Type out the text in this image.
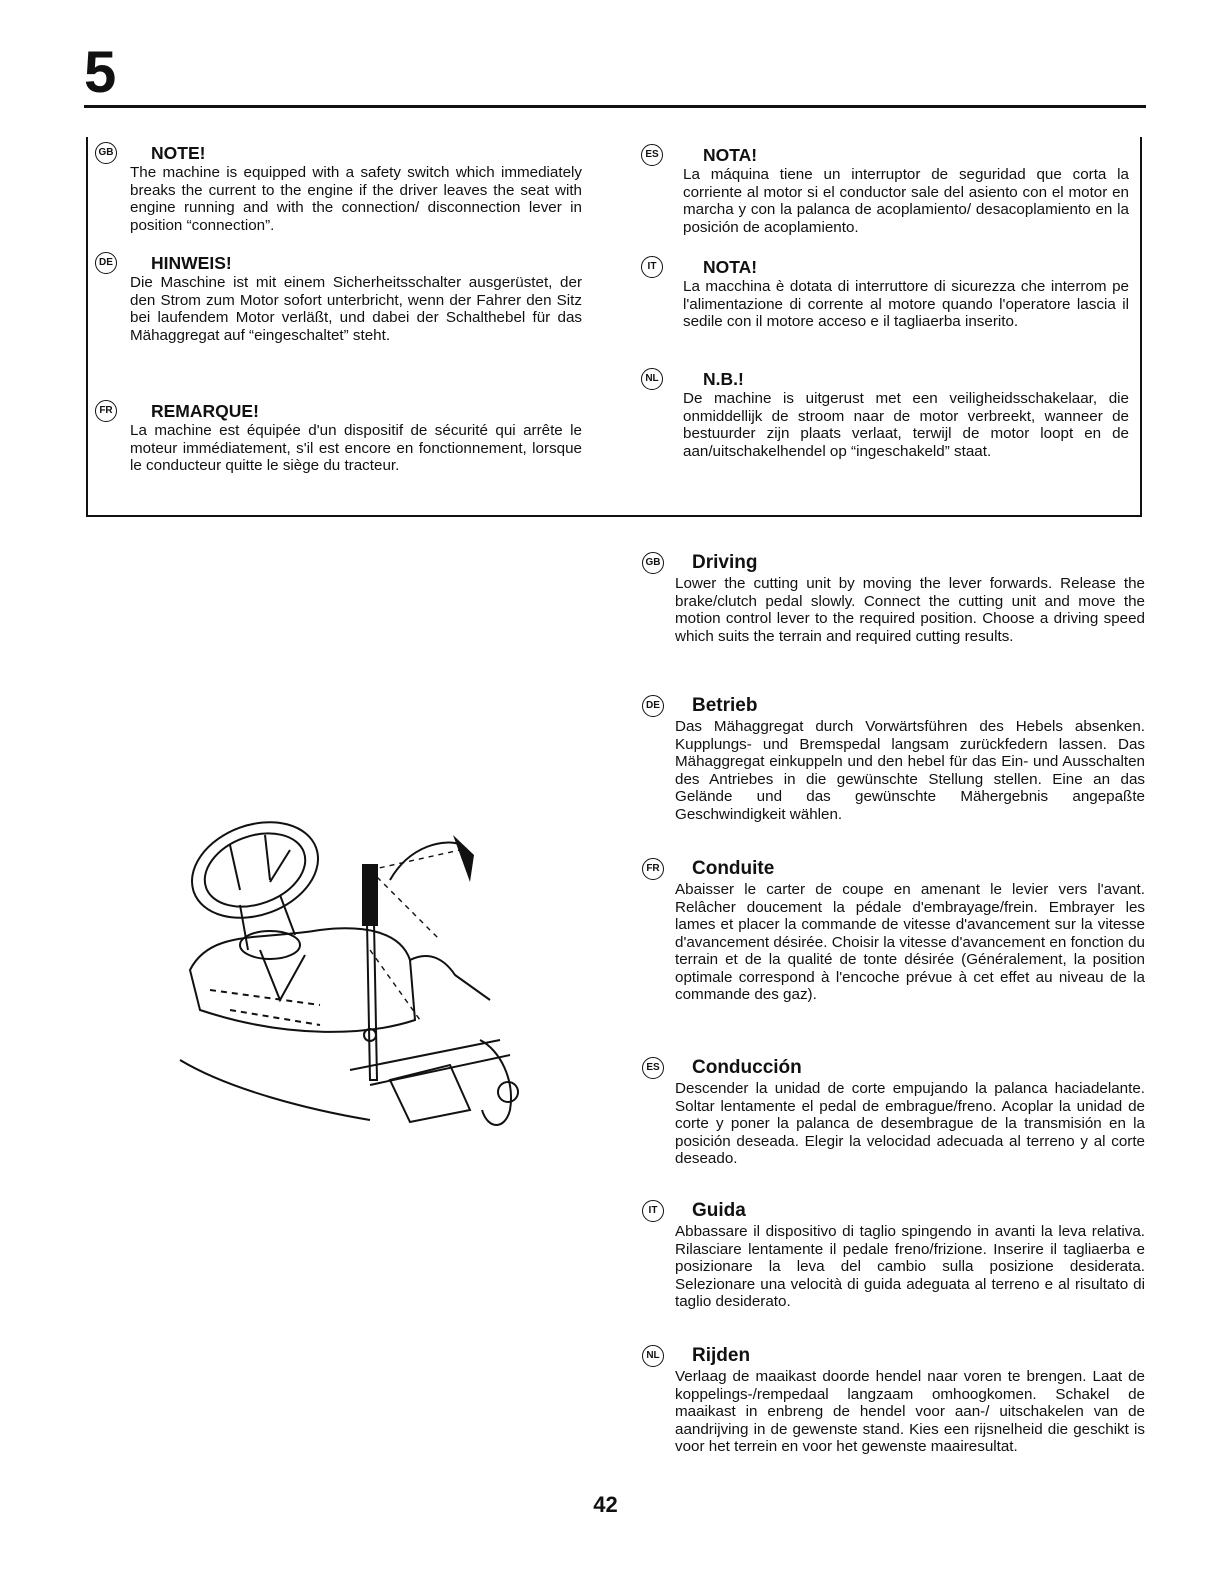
5
GB NOTE!

The machine is equipped with a safety switch which immediately breaks the current to the engine if the driver leaves the seat with engine running and with the connection/ disconnection lever in position “connection”.

DE HINWEIS!

Die Maschine ist mit einem Sicherheitsschalter ausgerüstet, der den Strom zum Motor sofort unterbricht, wenn der Fahrer den Sitz bei laufendem Motor verläßt, und dabei der Schalthebel für das Mähaggregat auf “eingeschaltet” steht.

FR REMARQUE!

La machine est équipée d'un dispositif de sécurité qui arrête le moteur immédiatement, s'il est encore en fonctionnement, lorsque le conducteur quitte le siège du tracteur.

ES	NOTA!

La máquina tiene un interruptor de seguridad que corta la corriente al motor si el conductor sale del asiento con el motor en marcha y con la palanca de acoplamiento/ desacoplamiento en la posición de acoplamiento.

IT	NOTA!

La macchina è dotata di interruttore di sicurezza che interrom pe l'alimentazione di corrente al motore quando l'operatore lascia il sedile con il motore acceso e il tagliaerba inserito.

NL	N.B.!

De machine is uitgerust met een veiligheidsschakelaar, die onmiddellijk de stroom naar de motor verbreekt, wanneer de bestuurder zijn plaats verlaat, terwijl de motor loopt en de aan/uitschakelhendel op “ingeschakeld” staat.

GB Driving

Lower the cutting unit by moving the lever forwards. Release the brake/clutch pedal slowly. Connect the cutting unit and move the motion control lever to the required position. Choose a driving speed which suits the terrain and required cutting results.

DE Betrieb

Das Mähaggregat durch Vorwärtsführen des Hebels absenken. Kupplungs- und Bremspedal langsam zurückfedern lassen. Das Mähaggregat einkuppeln und den hebel für das Ein- und Ausschalten des Antriebes in die gewünschte Stellung stellen. Eine an das Gelände und das gewünschte Mähergebnis angepaßte Geschwindigkeit wählen.

FR Conduite

Abaisser le carter de coupe en amenant le levier vers l'avant. Relâcher doucement la pédale d'embrayage/frein. Embrayer les lames et placer la commande de vitesse d'avancement sur la vitesse d'avancement désirée. Choisir la vitesse d'avancement en fonction du terrain et de la qualité de tonte désirée (Généralement, la position optimale correspond à l'encoche prévue à cet effet au niveau de la commande des gaz).

ES Conducción

Descender la unidad de corte empujando la palanca haciadelante. Soltar lentamente el pedal de embrague/freno. Acoplar la unidad de corte y poner la palanca de desembrague de la transmisión en la posición deseada. Elegir la velocidad adecuada al terreno y al corte deseado.

IT	Guida

Abbassare il dispositivo di taglio spingendo in avanti la leva relativa. Rilasciare lentamente il pedale freno/frizione. Inserire il tagliaerba e posizionare la leva del cambio sulla posizione desiderata. Selezionare una velocità di guida adeguata al terreno e al risultato di taglio desiderato.

NL Rijden

Verlaag de maaikast doorde hendel naar voren te brengen. Laat de koppelings-/rempedaal langzaam omhoogkomen. Schakel de maaikast in enbreng de hendel voor aan-/ uitschakelen van de aandrijving in de gewenste stand. Kies een rijsnelheid die geschikt is voor het terrein en voor het gewenste maairesultat.

42
